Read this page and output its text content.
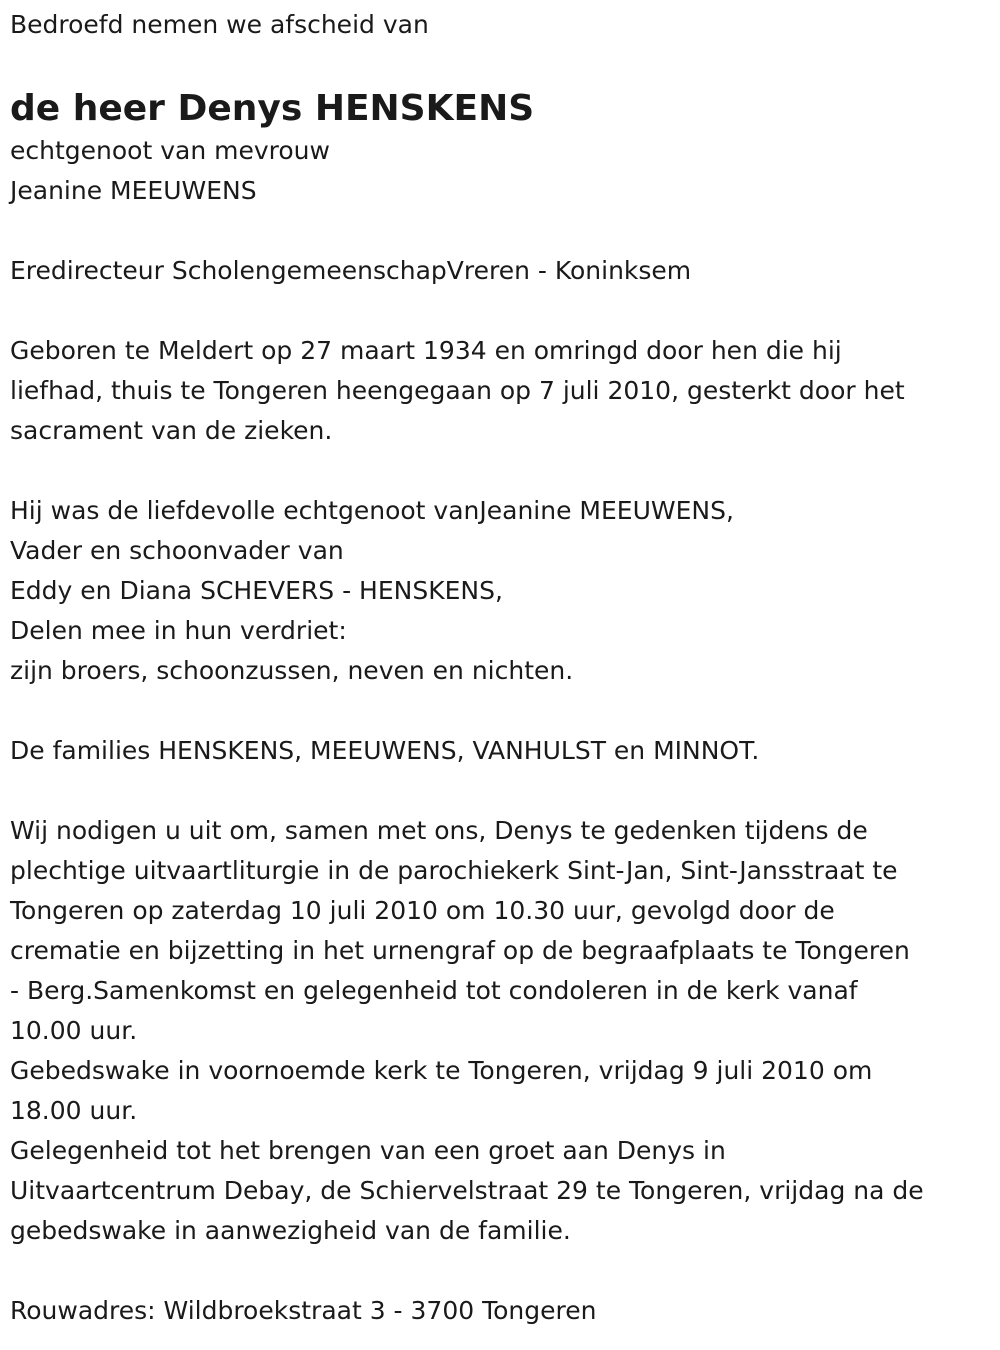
Bedroefd nemen we afscheid van

de heer Denys HENSKENS

echtgenoot van mevrouw
Jeanine MEEUWENS

Eredirecteur ScholengemeenschapVreren - Koninksem

Geboren te Meldert op 27 maart 1934 en omringd door hen die hij
liefhad, thuis te Tongeren heengegaan op 7 juli 2010, gesterkt door het
sacrament van de zieken.

Hij was de liefdevolle echtgenoot vanJeanine MEEUWENS,
Vader en schoonvader van
Eddy en Diana SCHEVERS - HENSKENS,
Delen mee in hun verdriet:
zijn broers, schoonzussen, neven en nichten.

De families HENSKENS, MEEUWENS, VANHULST en MINNOT.

Wij nodigen u uit om, samen met ons, Denys te gedenken tijdens de
plechtige uitvaartliturgie in de parochiekerk Sint-Jan, Sint-Jansstraat te
Tongeren op zaterdag 10 juli 2010 om 10.30 uur, gevolgd door de
crematie en bijzetting in het urnengraf op de begraafplaats te Tongeren
- Berg.Samenkomst en gelegenheid tot condoleren in de kerk vanaf
10.00 uur.
Gebedswake in voornoemde kerk te Tongeren, vrijdag 9 juli 2010 om
18.00 uur.
Gelegenheid tot het brengen van een groet aan Denys in
Uitvaartcentrum Debay, de Schiervelstraat 29 te Tongeren, vrijdag na de
gebedswake in aanwezigheid van de familie.

Rouwadres: Wildbroekstraat 3 - 3700 Tongeren
